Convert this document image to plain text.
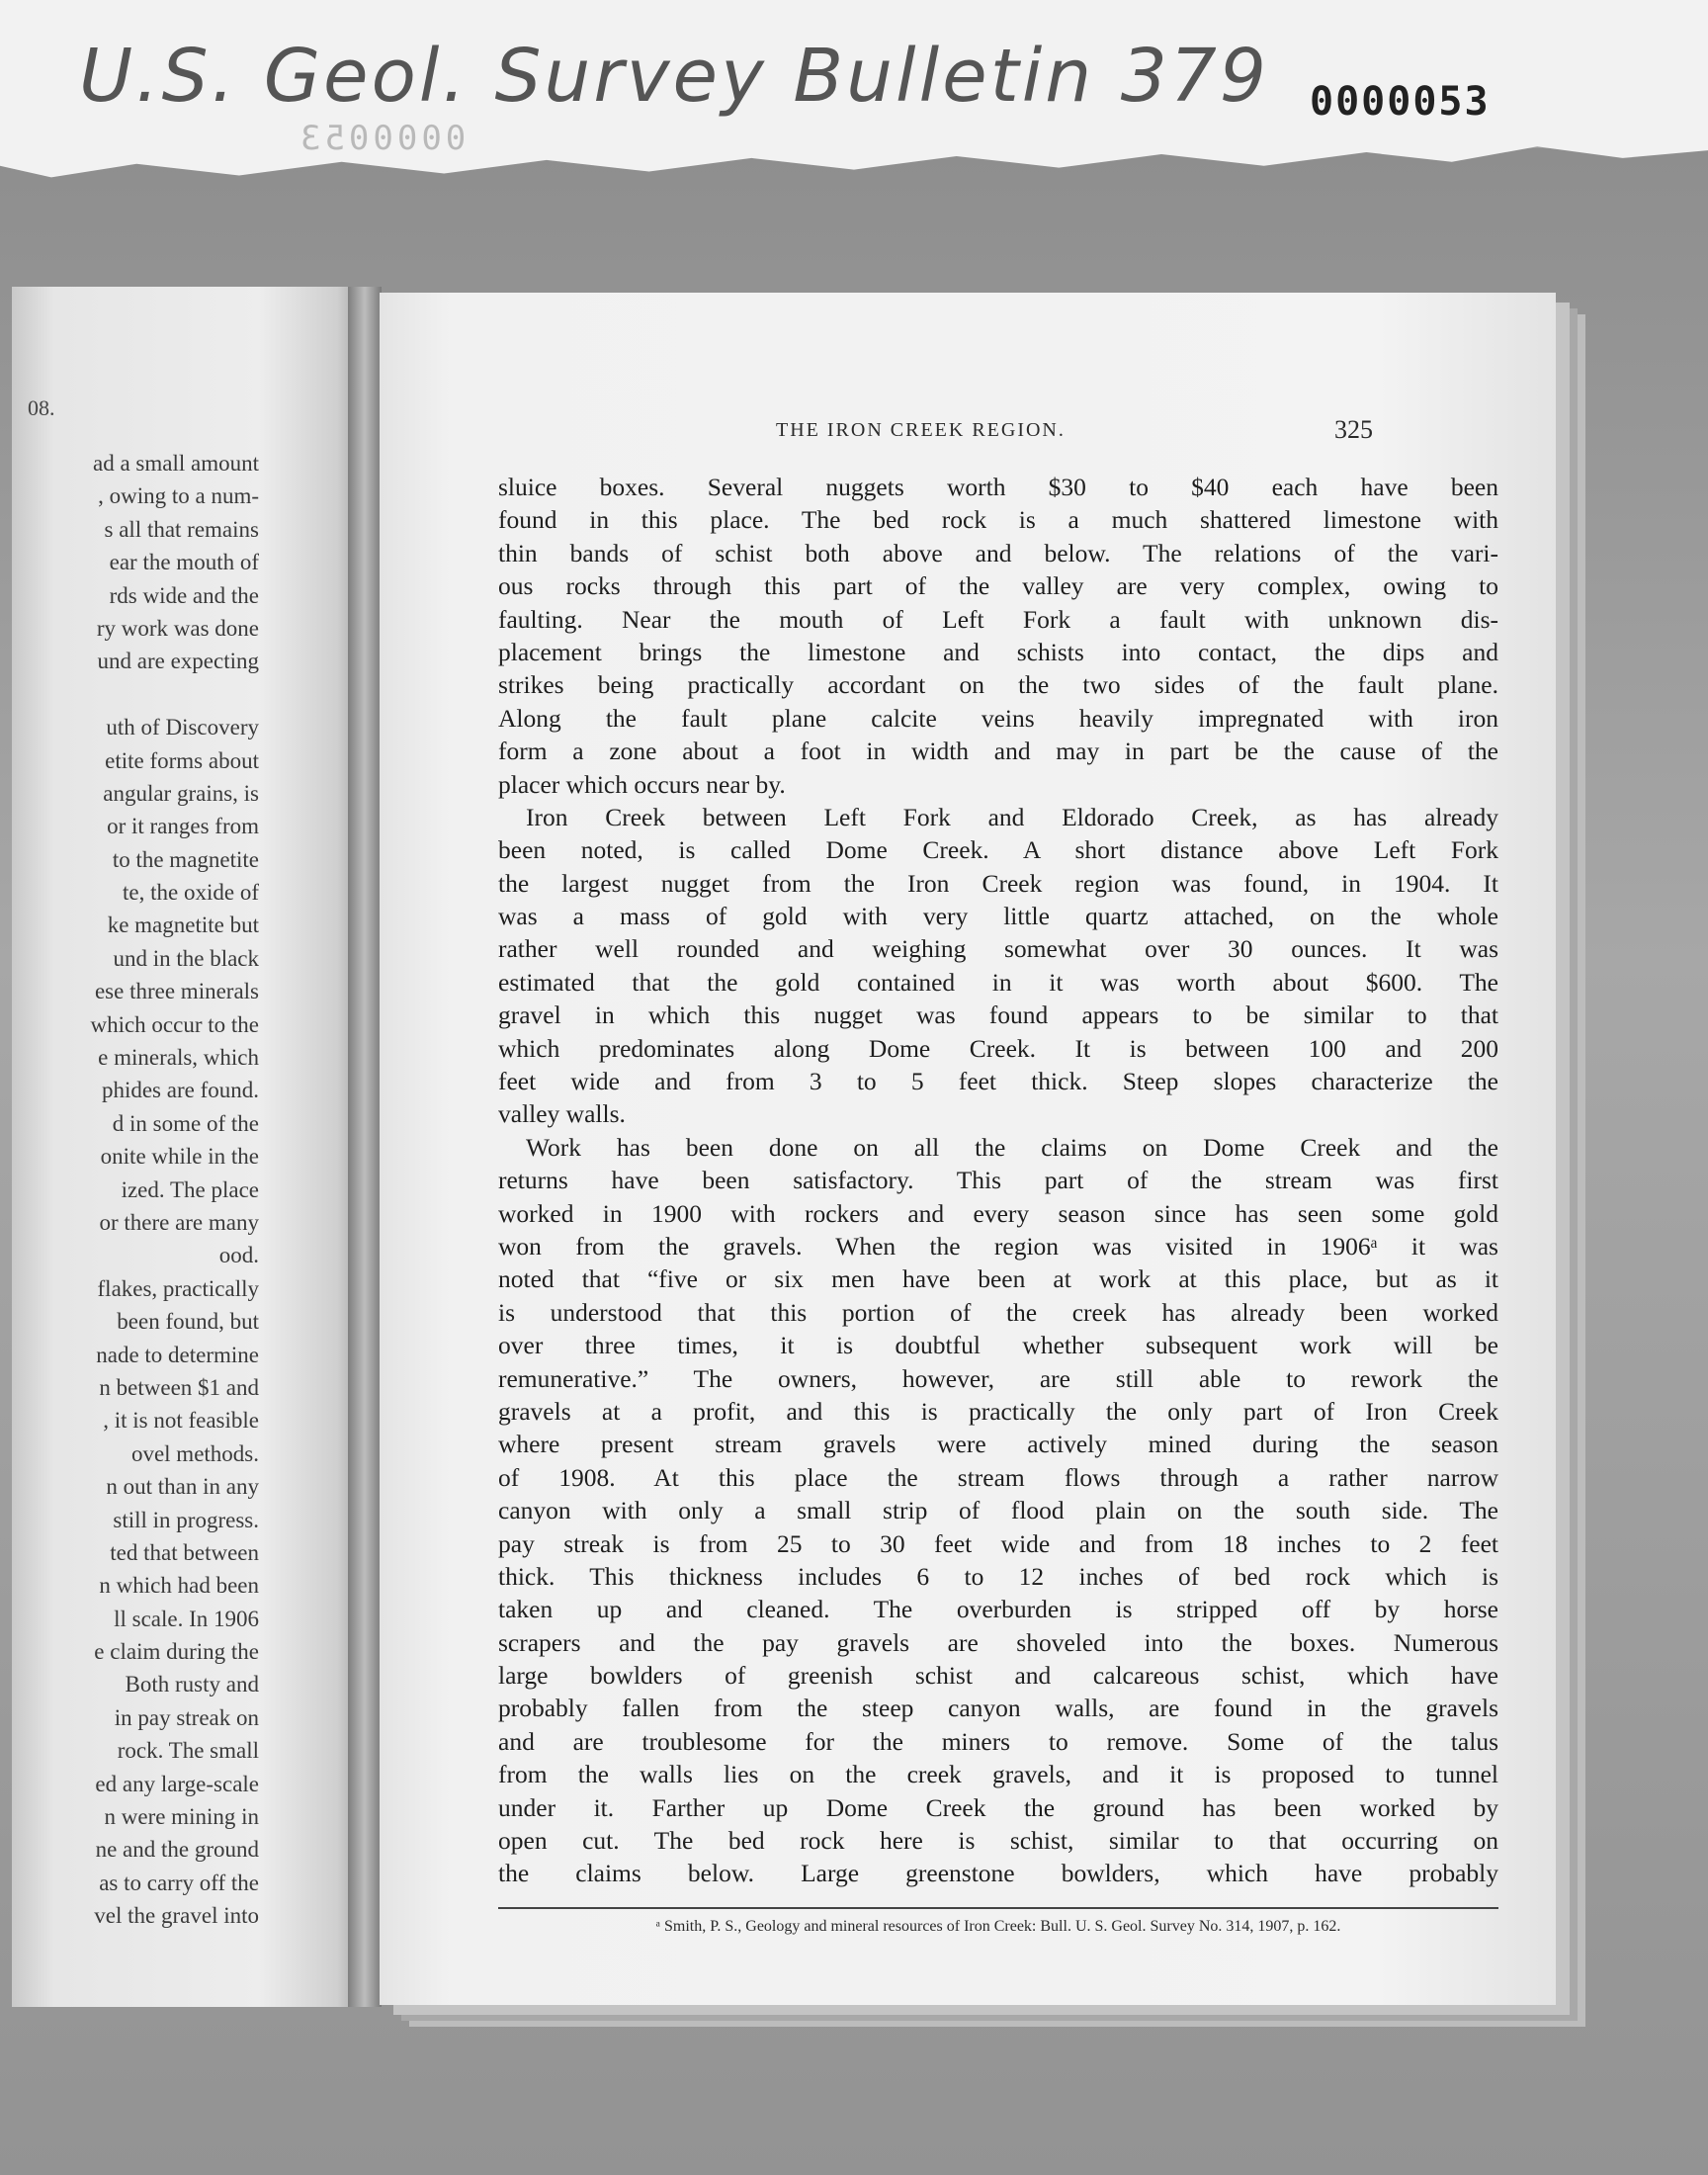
U.S. Geol. Survey Bulletin 379	0000053
0000053
08.
ad a small amount
, owing to a num-
s all that remains
ear the mouth of
rds wide and the
ry work was done
und are expecting
uth of Discovery
etite forms about
angular grains, is
or it ranges from
to the magnetite
te, the oxide of
ke magnetite but
und in the black
ese three minerals
which occur to the
e minerals, which
phides are found.
d in some of the
onite while in the
ized. The place
or there are many
ood.
flakes, practically
been found, but
nade to determine
n between $1 and
, it is not feasible
ovel methods.
n out than in any
still in progress.
ted that between
n which had been
ll scale. In 1906
e claim during the
Both rusty and
in pay streak on
rock. The small
ed any large-scale
n were mining in
ne and the ground
as to carry off the
vel the gravel into
THE IRON CREEK REGION.	325
sluice boxes. Several nuggets worth $30 to $40 each have been
found in this place. The bed rock is a much shattered limestone with
thin bands of schist both above and below. The relations of the vari-
ous rocks through this part of the valley are very complex, owing to
faulting. Near the mouth of Left Fork a fault with unknown dis-
placement brings the limestone and schists into contact, the dips and
strikes being practically accordant on the two sides of the fault plane.
Along the fault plane calcite veins heavily impregnated with iron
form a zone about a foot in width and may in part be the cause of the
placer which occurs near by.
Iron Creek between Left Fork and Eldorado Creek, as has already
been noted, is called Dome Creek. A short distance above Left Fork
the largest nugget from the Iron Creek region was found, in 1904. It
was a mass of gold with very little quartz attached, on the whole
rather well rounded and weighing somewhat over 30 ounces. It was
estimated that the gold contained in it was worth about $600. The
gravel in which this nugget was found appears to be similar to that
which predominates along Dome Creek. It is between 100 and 200
feet wide and from 3 to 5 feet thick. Steep slopes characterize the
valley walls.
Work has been done on all the claims on Dome Creek and the
returns have been satisfactory. This part of the stream was first
worked in 1900 with rockers and every season since has seen some gold
won from the gravels. When the region was visited in 1906ᵃ it was
noted that “five or six men have been at work at this place, but as it
is understood that this portion of the creek has already been worked
over three times, it is doubtful whether subsequent work will be
remunerative.” The owners, however, are still able to rework the
gravels at a profit, and this is practically the only part of Iron Creek
where present stream gravels were actively mined during the season
of 1908. At this place the stream flows through a rather narrow
canyon with only a small strip of flood plain on the south side. The
pay streak is from 25 to 30 feet wide and from 18 inches to 2 feet
thick. This thickness includes 6 to 12 inches of bed rock which is
taken up and cleaned. The overburden is stripped off by horse
scrapers and the pay gravels are shoveled into the boxes. Numerous
large bowlders of greenish schist and calcareous schist, which have
probably fallen from the steep canyon walls, are found in the gravels
and are troublesome for the miners to remove. Some of the talus
from the walls lies on the creek gravels, and it is proposed to tunnel
under it. Farther up Dome Creek the ground has been worked by
open cut. The bed rock here is schist, similar to that occurring on
the claims below. Large greenstone bowlders, which have probably
ᵃ Smith, P. S., Geology and mineral resources of Iron Creek: Bull. U. S. Geol. Survey No. 314, 1907, p. 162.
